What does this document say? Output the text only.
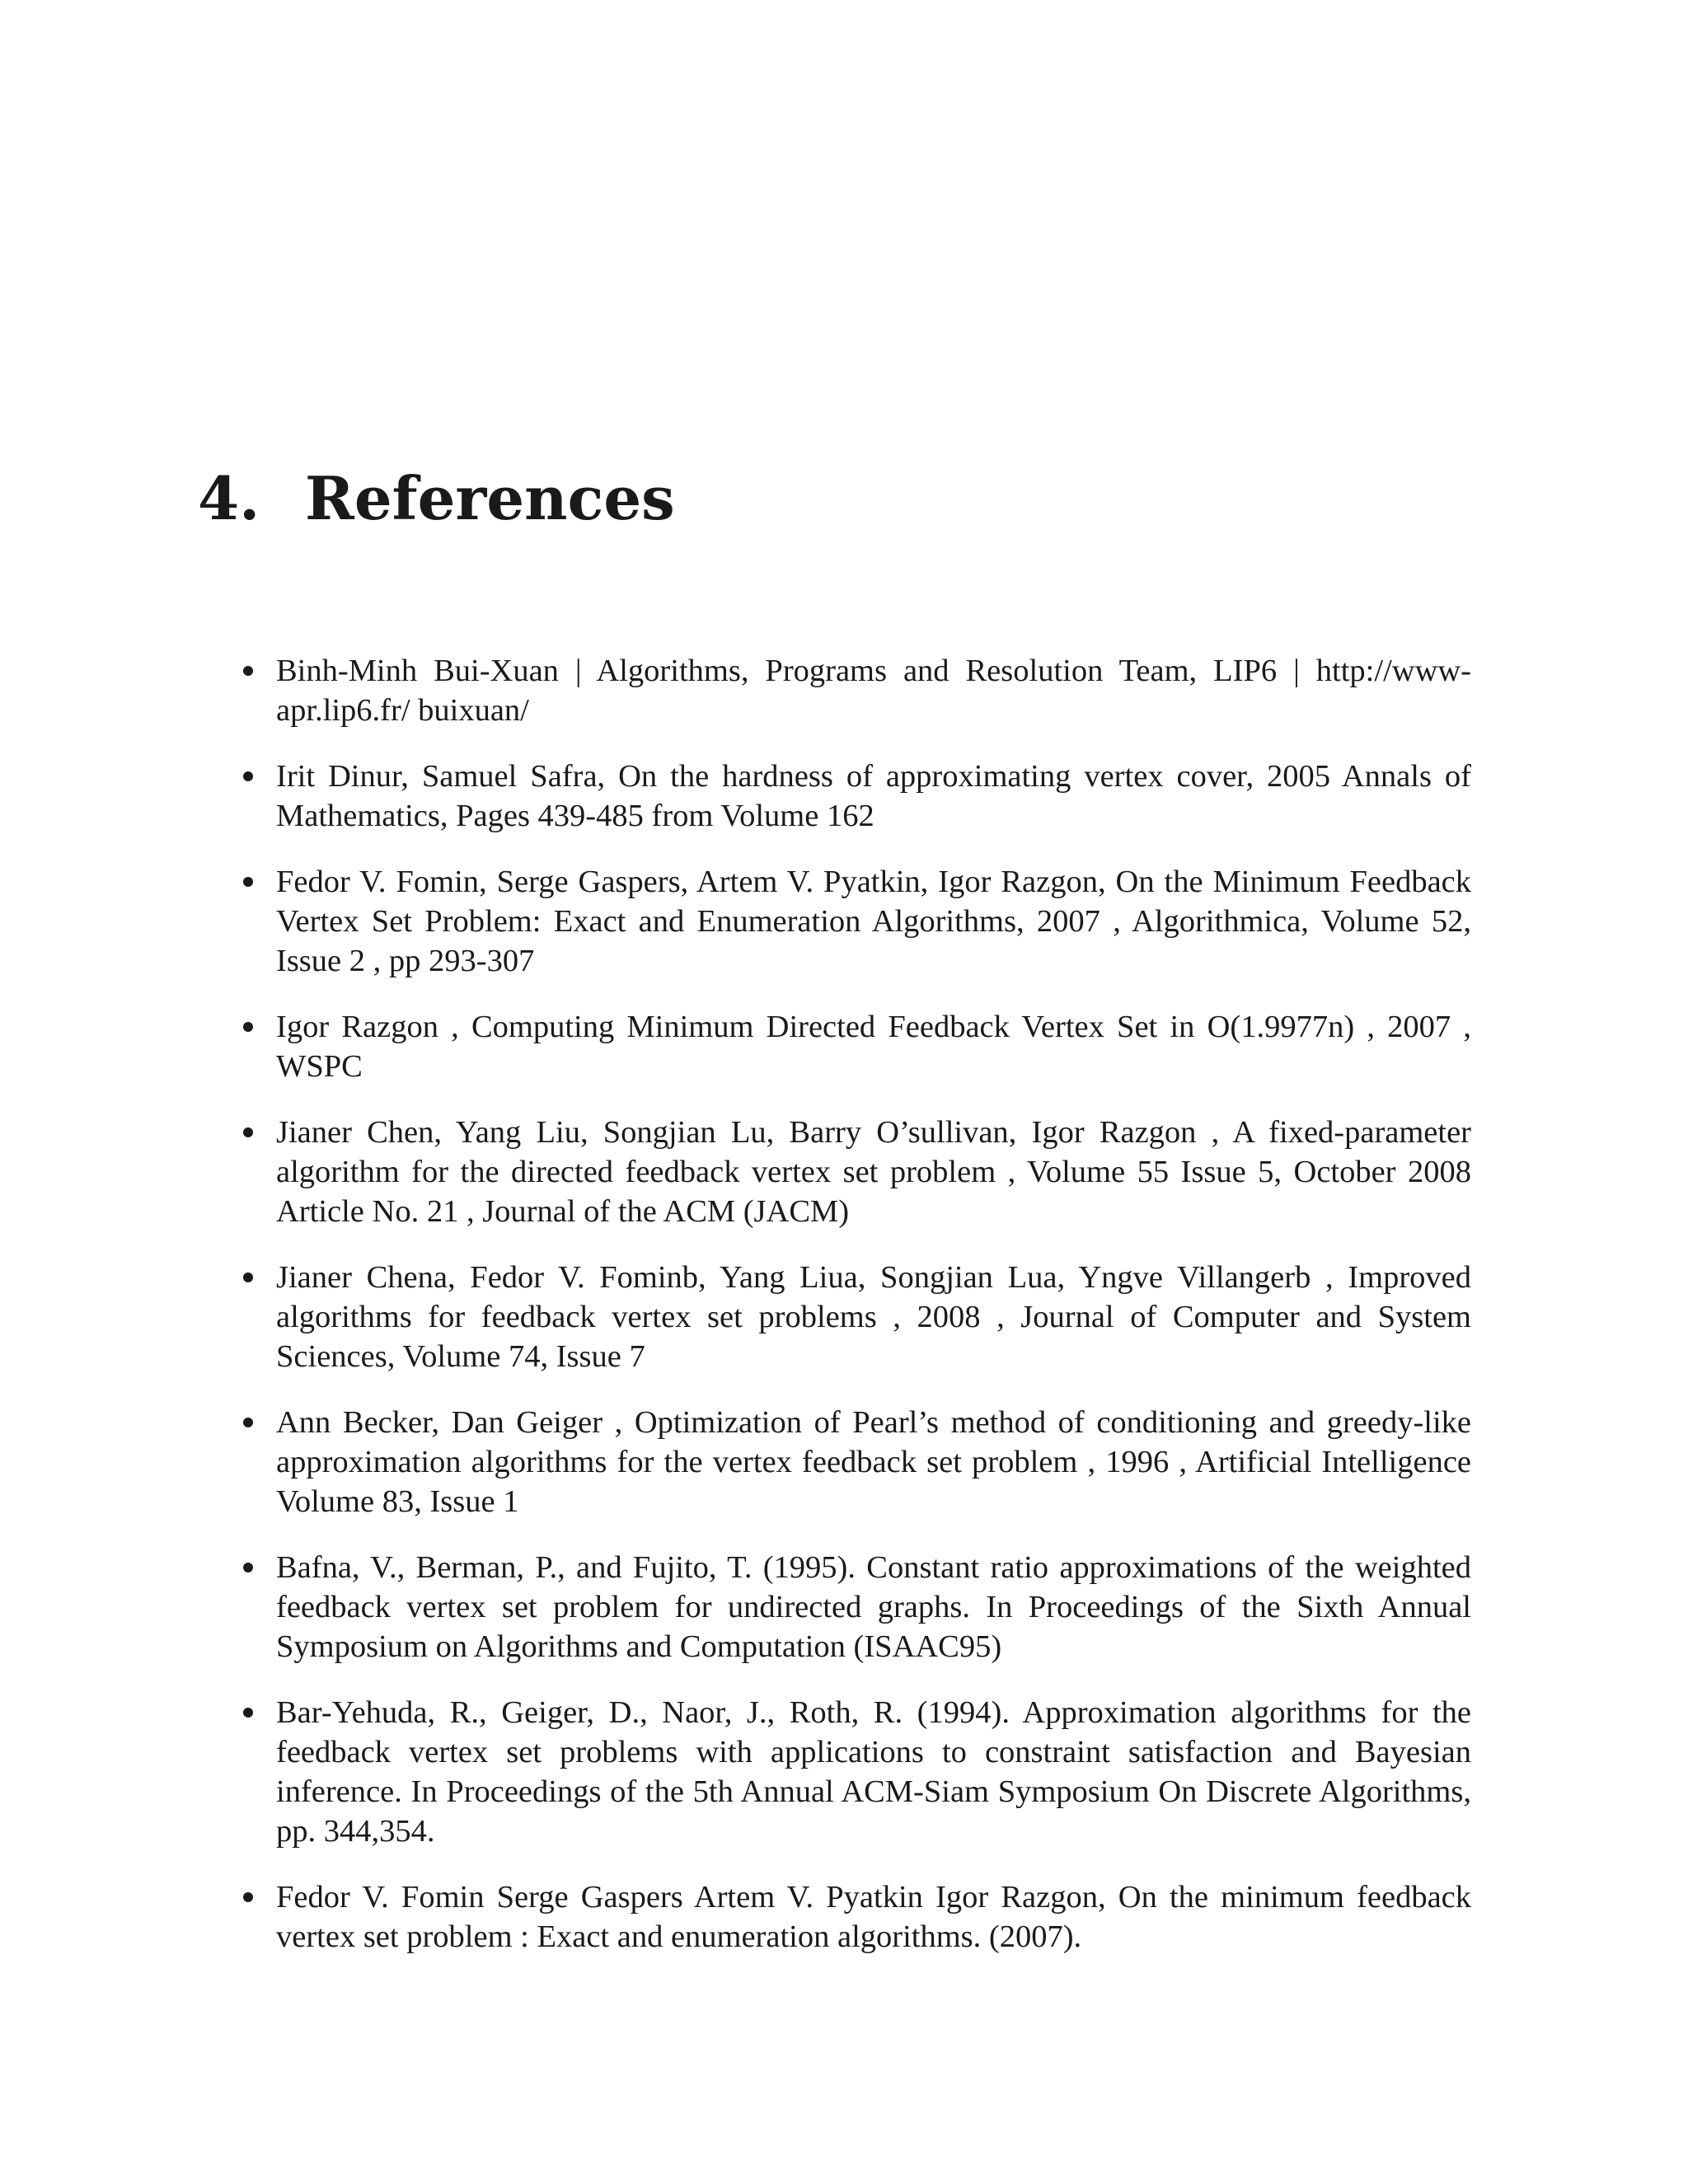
4. References
Binh-Minh Bui-Xuan | Algorithms, Programs and Resolution Team, LIP6 | http://www-apr.lip6.fr/ buixuan/
Irit Dinur, Samuel Safra, On the hardness of approximating vertex cover, 2005 Annals of Mathematics, Pages 439-485 from Volume 162
Fedor V. Fomin, Serge Gaspers, Artem V. Pyatkin, Igor Razgon, On the Minimum Feedback Vertex Set Problem: Exact and Enumeration Algorithms, 2007 , Algorithmica, Volume 52, Issue 2 , pp 293-307
Igor Razgon , Computing Minimum Directed Feedback Vertex Set in O(1.9977n) , 2007 , WSPC
Jianer Chen, Yang Liu, Songjian Lu, Barry O’sullivan, Igor Razgon , A fixed-parameter algorithm for the directed feedback vertex set problem , Volume 55 Issue 5, October 2008 Article No. 21 , Journal of the ACM (JACM)
Jianer Chena, Fedor V. Fominb, Yang Liua, Songjian Lua, Yngve Villangerb , Improved algorithms for feedback vertex set problems , 2008 , Journal of Computer and System Sciences, Volume 74, Issue 7
Ann Becker, Dan Geiger , Optimization of Pearl’s method of conditioning and greedy-like approximation algorithms for the vertex feedback set problem , 1996 , Artificial Intelligence Volume 83, Issue 1
Bafna, V., Berman, P., and Fujito, T. (1995). Constant ratio approximations of the weighted feedback vertex set problem for undirected graphs. In Proceedings of the Sixth Annual Symposium on Algorithms and Computation (ISAAC95)
Bar-Yehuda, R., Geiger, D., Naor, J., Roth, R. (1994). Approximation algorithms for the feedback vertex set problems with applications to constraint satisfaction and Bayesian inference. In Proceedings of the 5th Annual ACM-Siam Symposium On Discrete Algorithms, pp. 344,354.
Fedor V. Fomin Serge Gaspers Artem V. Pyatkin Igor Razgon, On the minimum feedback vertex set problem : Exact and enumeration algorithms. (2007).
